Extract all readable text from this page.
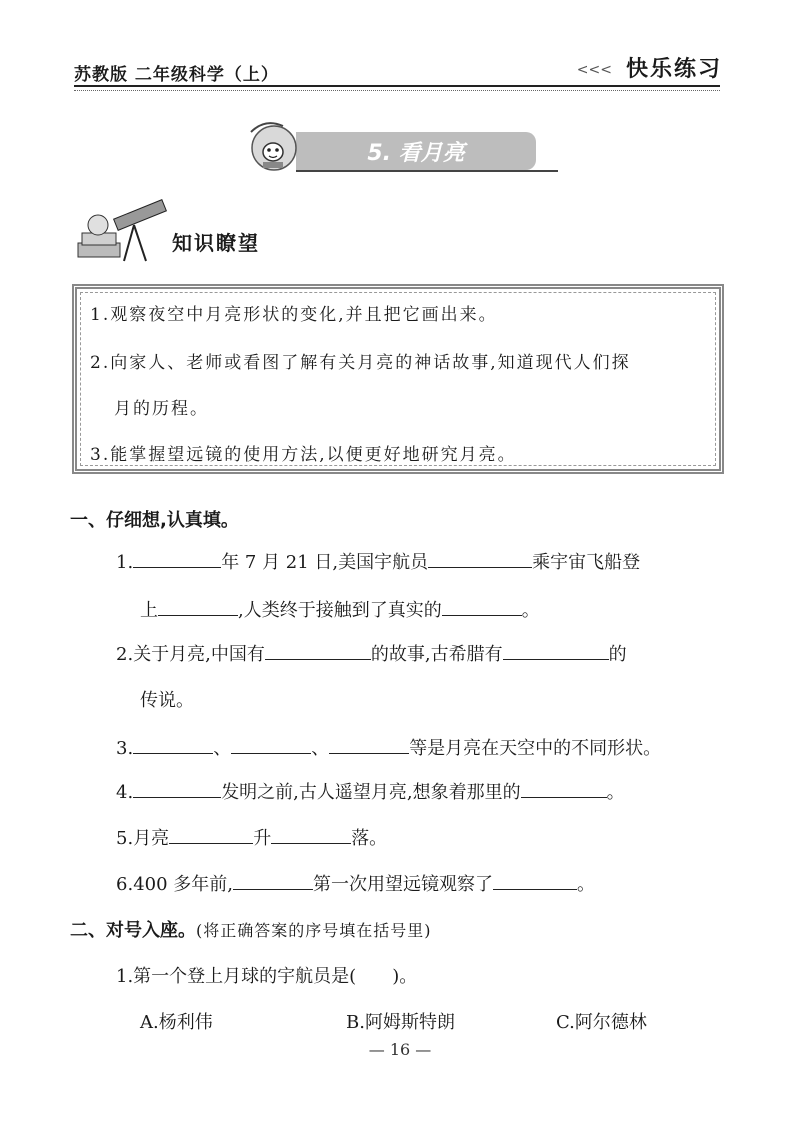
苏教版 二年级科学（上）	<<< 快乐练习
5. 看月亮
知识瞭望
1.观察夜空中月亮形状的变化,并且把它画出来。
2.向家人、老师或看图了解有关月亮的神话故事,知道现代人们探
月的历程。
3.能掌握望远镜的使用方法,以便更好地研究月亮。
一、仔细想,认真填。
1.	年 7 月 21 日,美国宇航员	乘宇宙飞船登
上	,人类终于接触到了真实的	。
2.关于月亮,中国有	的故事,古希腊有	的
传说。
3.	、	、	等是月亮在天空中的不同形状。
4.	发明之前,古人遥望月亮,想象着那里的	。
5.月亮	升	落。
6.400 多年前,	第一次用望远镜观察了	。
二、对号入座。(将正确答案的序号填在括号里)
1.第一个登上月球的宇航员是(　　)。
A.杨利伟	B.阿姆斯特朗	C.阿尔德林
— 16 —
